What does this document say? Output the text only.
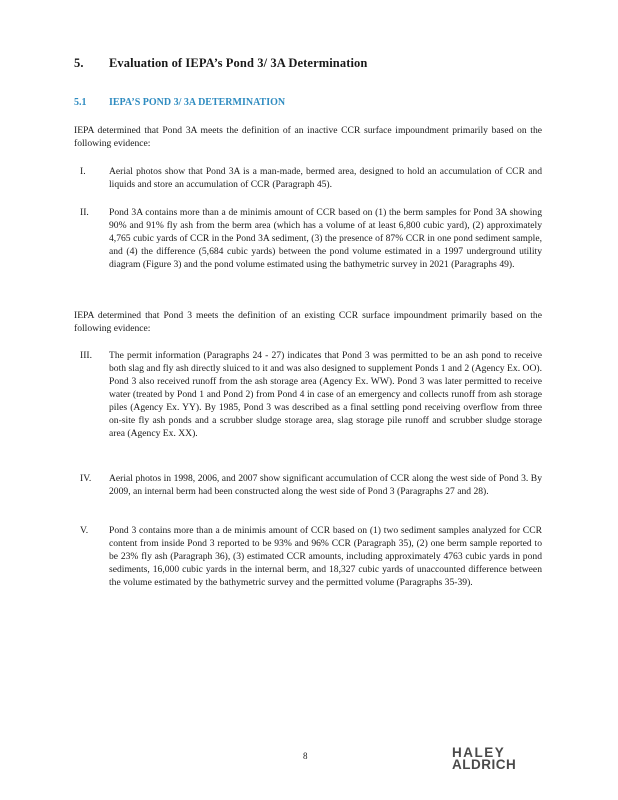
5. Evaluation of IEPA’s Pond 3/ 3A Determination
5.1 IEPA’S POND 3/ 3A DETERMINATION
IEPA determined that Pond 3A meets the definition of an inactive CCR surface impoundment primarily based on the following evidence:
I.	Aerial photos show that Pond 3A is a man-made, bermed area, designed to hold an accumulation of CCR and liquids and store an accumulation of CCR (Paragraph 45).
II.	Pond 3A contains more than a de minimis amount of CCR based on (1) the berm samples for Pond 3A showing 90% and 91% fly ash from the berm area (which has a volume of at least 6,800 cubic yard), (2) approximately 4,765 cubic yards of CCR in the Pond 3A sediment, (3) the presence of 87% CCR in one pond sediment sample, and (4) the difference (5,684 cubic yards) between the pond volume estimated in a 1997 underground utility diagram (Figure 3) and the pond volume estimated using the bathymetric survey in 2021 (Paragraphs 49).
IEPA determined that Pond 3 meets the definition of an existing CCR surface impoundment primarily based on the following evidence:
III.	The permit information (Paragraphs 24 - 27) indicates that Pond 3 was permitted to be an ash pond to receive both slag and fly ash directly sluiced to it and was also designed to supplement Ponds 1 and 2 (Agency Ex. OO). Pond 3 also received runoff from the ash storage area (Agency Ex. WW). Pond 3 was later permitted to receive water (treated by Pond 1 and Pond 2) from Pond 4 in case of an emergency and collects runoff from ash storage piles (Agency Ex. YY). By 1985, Pond 3 was described as a final settling pond receiving overflow from three on-site fly ash ponds and a scrubber sludge storage area, slag storage pile runoff and scrubber sludge storage area (Agency Ex. XX).
IV.	Aerial photos in 1998, 2006, and 2007 show significant accumulation of CCR along the west side of Pond 3. By 2009, an internal berm had been constructed along the west side of Pond 3 (Paragraphs 27 and 28).
V.	Pond 3 contains more than a de minimis amount of CCR based on (1) two sediment samples analyzed for CCR content from inside Pond 3 reported to be 93% and 96% CCR (Paragraph 35), (2) one berm sample reported to be 23% fly ash (Paragraph 36), (3) estimated CCR amounts, including approximately 4763 cubic yards in pond sediments, 16,000 cubic yards in the internal berm, and 18,327 cubic yards of unaccounted difference between the volume estimated by the bathymetric survey and the permitted volume (Paragraphs 35-39).
8	HALEY
ALDRICH
